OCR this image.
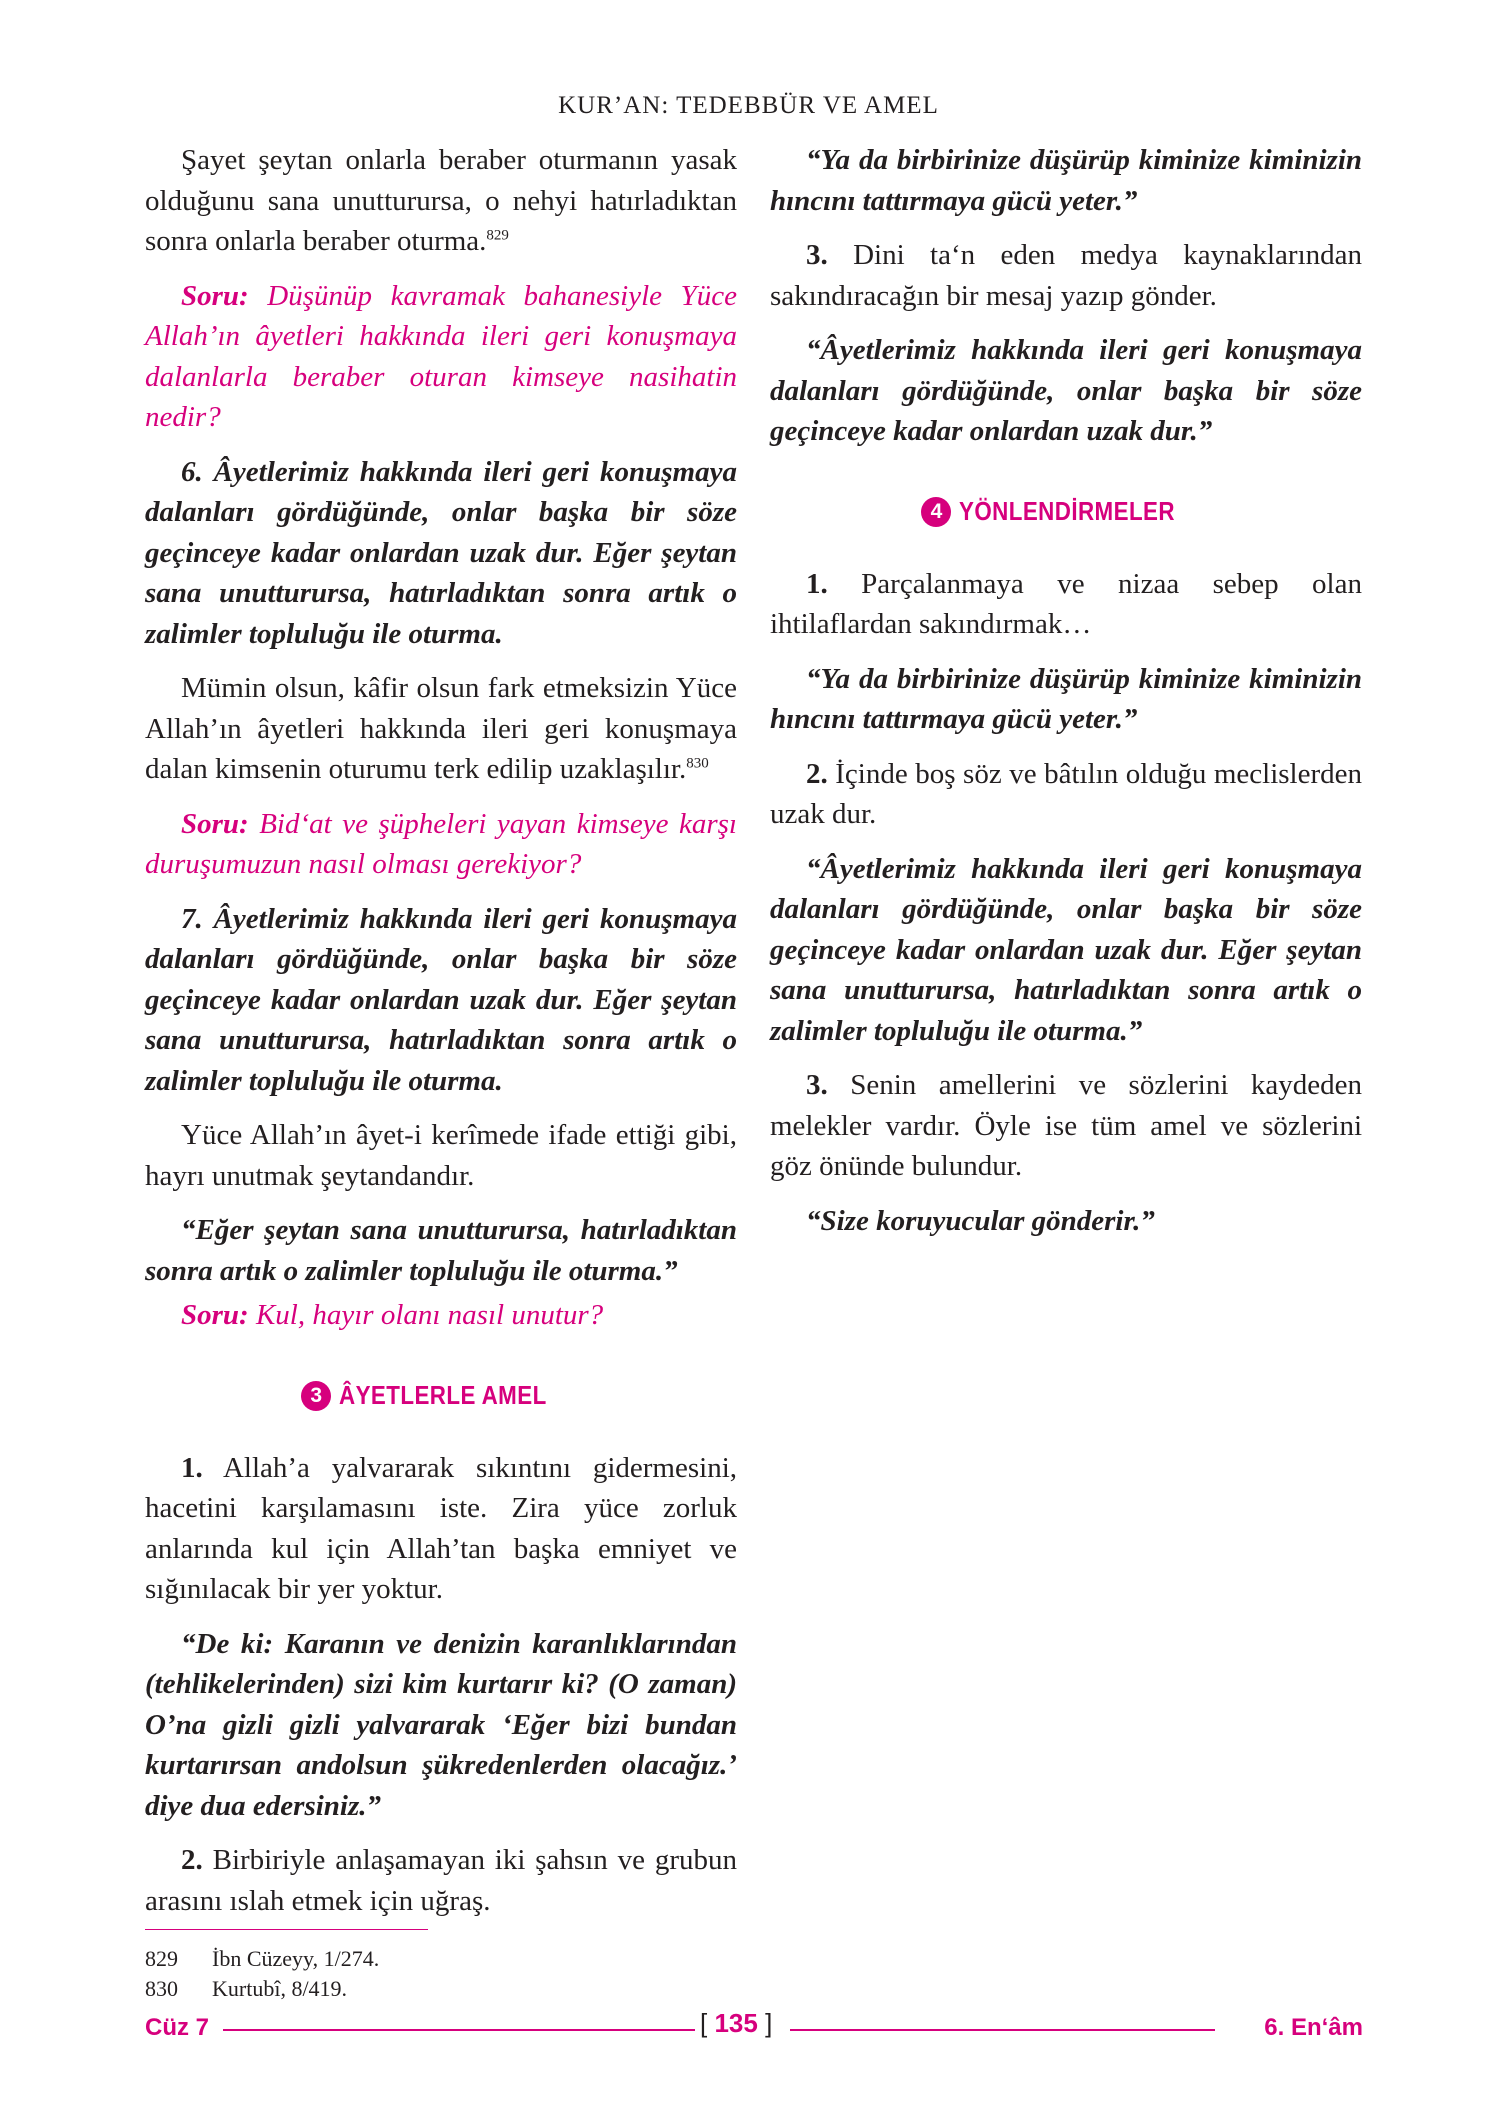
KUR’AN: TEDEBBÜR VE AMEL

Şayet şeytan onlarla beraber oturmanın yasak olduğunu sana unutturursa, o nehyi hatırladıktan sonra onlarla beraber oturma.$^{829}$

Soru: Düşünüp kavramak bahanesiyle Yüce Allah’ın âyetleri hakkında ileri geri konuşmaya dalanlarla beraber oturan kimseye nasihatin nedir?

6. Âyetlerimiz hakkında ileri geri konuşmaya dalanları gördüğünde, onlar başka bir söze geçinceye kadar onlardan uzak dur. Eğer şeytan sana unutturursa, hatırladıktan sonra artık o zalimler topluluğu ile oturma.

Mümin olsun, kâfir olsun fark etmeksizin Yüce Allah’ın âyetleri hakkında ileri geri konuşmaya dalan kimsenin oturumu terk edilip uzaklaşılır.$^{830}$

Soru: Bid‘at ve şüpheleri yayan kimseye karşı duruşumuzun nasıl olması gerekiyor?

7. Âyetlerimiz hakkında ileri geri konuşmaya dalanları gördüğünde, onlar başka bir söze geçinceye kadar onlardan uzak dur. Eğer şeytan sana unutturursa, hatırladıktan sonra artık o zalimler topluluğu ile oturma.

Yüce Allah’ın âyet-i kerîmede ifade ettiği gibi, hayrı unutmak şeytandandır.

“Eğer şeytan sana unutturursa, hatırladıktan sonra artık o zalimler topluluğu ile oturma.”

Soru: Kul, hayır olanı nasıl unutur?

3 ÂYETLERLE AMEL

1. Allah’a yalvararak sıkıntını gidermesini, hacetini karşılamasını iste. Zira yüce zorluk anlarında kul için Allah’tan başka emniyet ve sığınılacak bir yer yoktur.

“De ki: Karanın ve denizin karanlıklarından (tehlikelerinden) sizi kim kurtarır ki? (O zaman) O’na gizli gizli yalvararak ‘Eğer bizi bundan kurtarırsan andolsun şükredenlerden olacağız.’ diye dua edersiniz.”

2. Birbiriyle anlaşamayan iki şahsın ve grubun arasını ıslah etmek için uğraş.

“Ya da birbirinize düşürüp kiminize kiminizin hıncını tattırmaya gücü yeter.”

3. Dini ta‘n eden medya kaynaklarından sakındıracağın bir mesaj yazıp gönder.

“Âyetlerimiz hakkında ileri geri konuşmaya dalanları gördüğünde, onlar başka bir söze geçinceye kadar onlardan uzak dur.”

4 YÖNLENDİRMELER

1. Parçalanmaya ve nizaa sebep olan ihtilaflardan sakındırmak…

“Ya da birbirinize düşürüp kiminize kiminizin hıncını tattırmaya gücü yeter.”

2. İçinde boş söz ve bâtılın olduğu meclislerden uzak dur.

“Âyetlerimiz hakkında ileri geri konuşmaya dalanları gördüğünde, onlar başka bir söze geçinceye kadar onlardan uzak dur. Eğer şeytan sana unutturursa, hatırladıktan sonra artık o zalimler topluluğu ile oturma.”

3. Senin amellerini ve sözlerini kaydeden melekler vardır. Öyle ise tüm amel ve sözlerini göz önünde bulundur.

“Size koruyucular gönderir.”

829	İbn Cüzeyy, 1/274.
830	Kurtubî, 8/419.
Cüz 7	[ 135 ]	6. En‘âm
